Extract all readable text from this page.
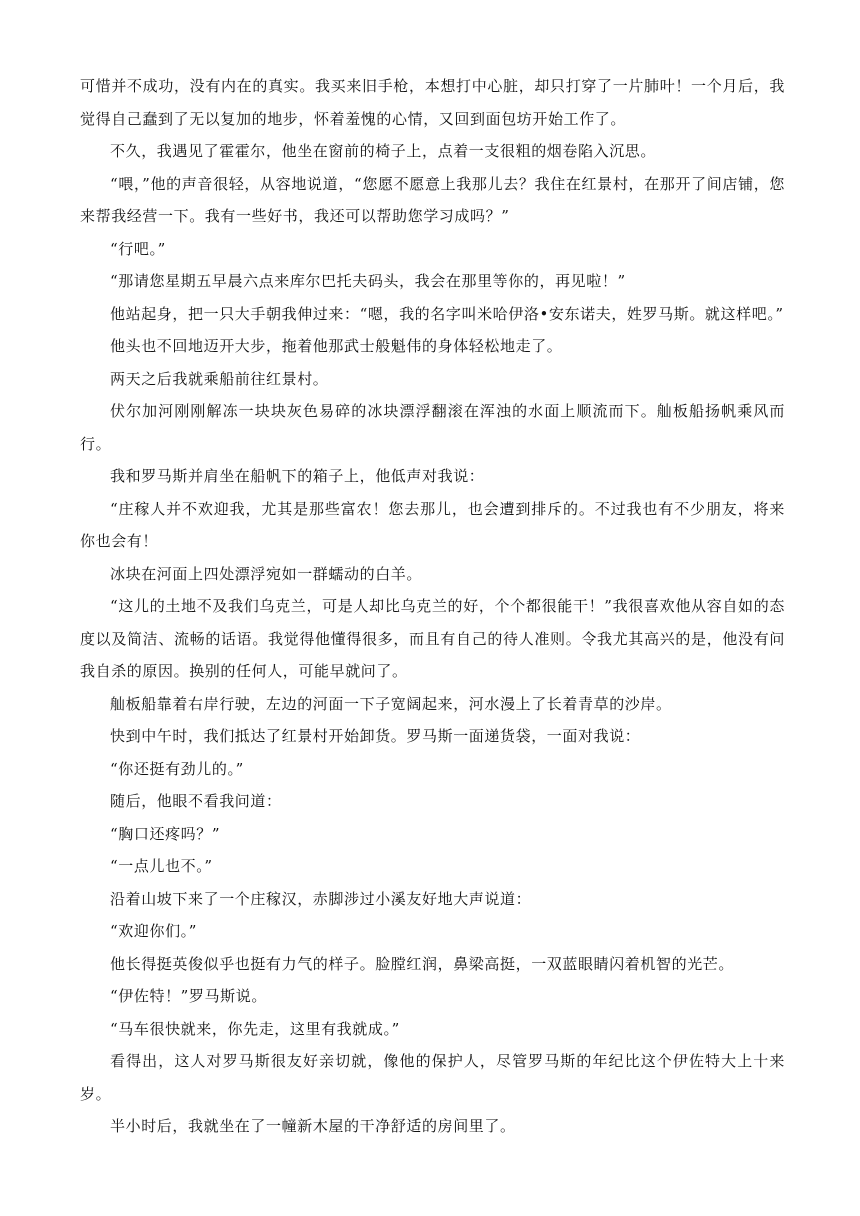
可惜并不成功，没有内在的真实。我买来旧手枪，本想打中心脏，却只打穿了一片肺叶！一个月后，我觉得自己蠢到了无以复加的地步，怀着羞愧的心情，又回到面包坊开始工作了。

不久，我遇见了霍霍尔，他坐在窗前的椅子上，点着一支很粗的烟卷陷入沉思。

“喂，”他的声音很轻，从容地说道，“您愿不愿意上我那儿去？我住在红景村，在那开了间店铺，您来帮我经营一下。我有一些好书，我还可以帮助您学习成吗？”

“行吧。”

“那请您星期五早晨六点来库尔巴托夫码头，我会在那里等你的，再见啦！”

他站起身，把一只大手朝我伸过来：“嗯，我的名字叫米哈伊洛•安东诺夫，姓罗马斯。就这样吧。”

他头也不回地迈开大步，拖着他那武士般魁伟的身体轻松地走了。

两天之后我就乘船前往红景村。

伏尔加河刚刚解冻一块块灰色易碎的冰块漂浮翻滚在浑浊的水面上顺流而下。舢板船扬帆乘风而行。

我和罗马斯并肩坐在船帆下的箱子上，他低声对我说：

“庄稼人并不欢迎我，尤其是那些富农！您去那儿，也会遭到排斥的。不过我也有不少朋友，将来你也会有！

冰块在河面上四处漂浮宛如一群蠕动的白羊。

“这儿的土地不及我们乌克兰，可是人却比乌克兰的好，个个都很能干！”我很喜欢他从容自如的态度以及简洁、流畅的话语。我觉得他懂得很多，而且有自己的待人准则。令我尤其高兴的是，他没有问我自杀的原因。换别的任何人，可能早就问了。

舢板船靠着右岸行驶，左边的河面一下子宽阔起来，河水漫上了长着青草的沙岸。

快到中午时，我们抵达了红景村开始卸货。罗马斯一面递货袋，一面对我说：

“你还挺有劲儿的。”

随后，他眼不看我问道：

“胸口还疼吗？”

“一点儿也不。”

沿着山坡下来了一个庄稼汉，赤脚涉过小溪友好地大声说道：

“欢迎你们。”

他长得挺英俊似乎也挺有力气的样子。脸膛红润，鼻梁高挺，一双蓝眼睛闪着机智的光芒。

“伊佐特！”罗马斯说。

“马车很快就来，你先走，这里有我就成。”

看得出，这人对罗马斯很友好亲切就，像他的保护人，尽管罗马斯的年纪比这个伊佐特大上十来岁。

半小时后，我就坐在了一幢新木屋的干净舒适的房间里了。
